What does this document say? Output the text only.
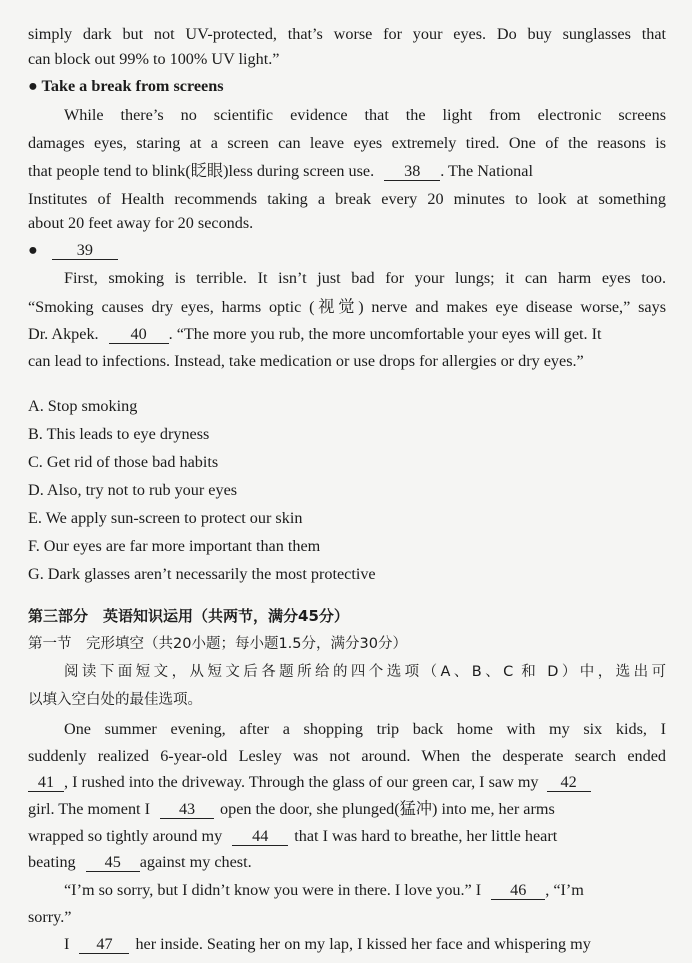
simply dark but not UV-protected, that’s worse for your eyes. Do buy sunglasses that
can block out 99% to 100% UV light.”
● Take a break from screens
While there’s no scientific evidence that the light from electronic screens
damages eyes, staring at a screen can leave eyes extremely tired. One of the reasons is
that people tend to blink(眨眼)less during screen use. 38 . The National
Institutes of Health recommends taking a break every 20 minutes to look at something
about 20 feet away for 20 seconds.
● 39
First, smoking is terrible. It isn’t just bad for your lungs; it can harm eyes too.
“Smoking causes dry eyes, harms optic (视觉) nerve and makes eye disease worse,” says
Dr. Akpek. 40 . “The more you rub, the more uncomfortable your eyes will get. It
can lead to infections. Instead, take medication or use drops for allergies or dry eyes.”
A. Stop smoking
B. This leads to eye dryness
C. Get rid of those bad habits
D. Also, try not to rub your eyes
E. We apply sun-screen to protect our skin
F. Our eyes are far more important than them
G. Dark glasses aren’t necessarily the most protective
第三部分　英语知识运用（共两节，满分45分）
第一节　完形填空（共20小题；每小题1.5分，满分30分）
阅读下面短文，从短文后各题所给的四个选项（A、B、C 和 D）中，选出可
以填入空白处的最佳选项。
One summer evening, after a shopping trip back home with my six kids, I
suddenly realized 6-year-old Lesley was not around. When the desperate search ended
41 , I rushed into the driveway. Through the glass of our green car, I saw my 42
girl. The moment I 43 open the door, she plunged(猛冲) into me, her arms
wrapped so tightly around my 44 that I was hard to breathe, her little heart
beating 45 against my chest.
“I’m so sorry, but I didn’t know you were in there. I love you.” I 46 , “I’m
sorry.”
I 47 her inside. Seating her on my lap, I kissed her face and whispering my
